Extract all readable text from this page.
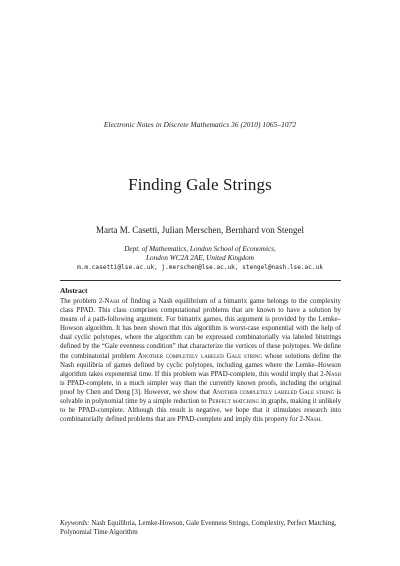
Electronic Notes in Discrete Mathematics 36 (2010) 1065–1072
Finding Gale Strings
Marta M. Casetti, Julian Merschen, Bernhard von Stengel
Dept. of Mathematics, London School of Economics,
London WC2A 2AE, United Kingdom
m.m.casetti@lse.ac.uk, j.merschen@lse.ac.uk, stengel@nash.lse.ac.uk
Abstract
The problem 2-Nash of finding a Nash equilibrium of a bimatrix game belongs to the complexity class PPAD. This class comprises computational problems that are known to have a solution by means of a path-following argument. For bimatrix games, this argument is provided by the Lemke–Howson algorithm. It has been shown that this algorithm is worst-case exponential with the help of dual cyclic polytopes, where the algorithm can be expressed combinatorially via labeled bitstrings defined by the “Gale evenness condition” that characterize the vertices of these polytopes. We define the combinatorial problem Another completely labeled Gale string whose solutions define the Nash equilibria of games defined by cyclic polytopes, including games where the Lemke–Howson algorithm takes exponential time. If this problem was PPAD-complete, this would imply that 2-Nash is PPAD-complete, in a much simpler way than the currently known proofs, including the original proof by Chen and Deng [3]. However, we show that Another completely labeled Gale string is solvable in polynomial time by a simple reduction to Perfect matching in graphs, making it unlikely to be PPAD-complete. Although this result is negative, we hope that it stimulates research into combinatorially defined problems that are PPAD-complete and imply this property for 2-Nash.
Keywords: Nash Equilibria, Lemke-Howson, Gale Evenness Strings, Complexity, Perfect Matching, Polynomial Time Algorithm
